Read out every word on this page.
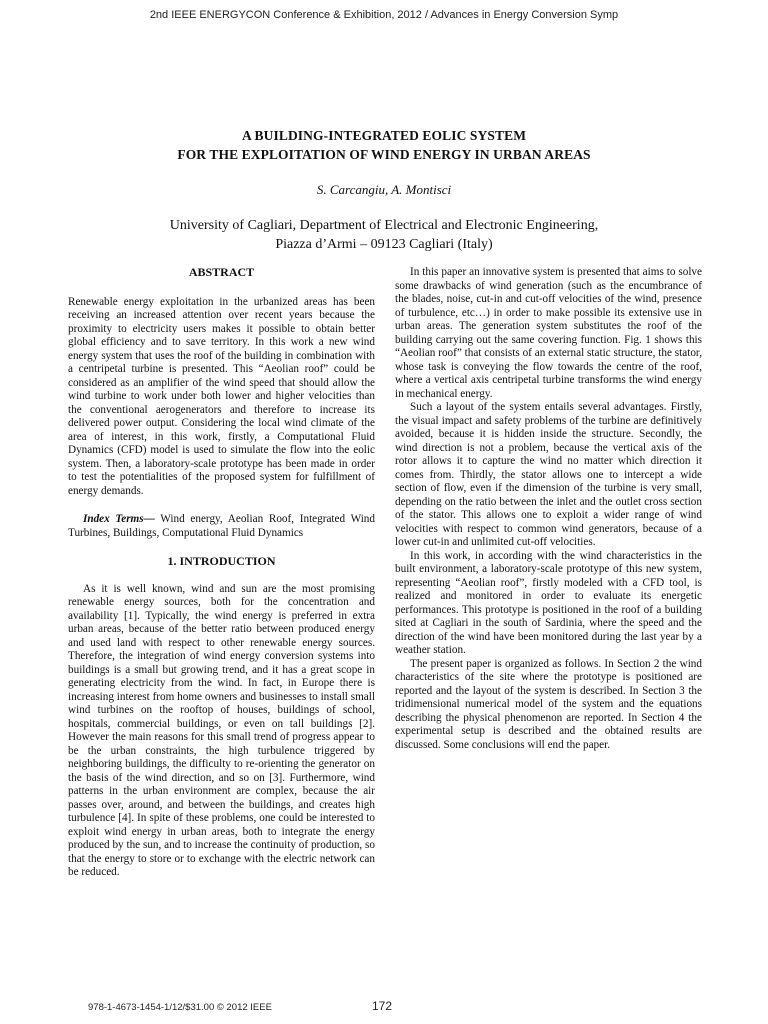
2nd IEEE ENERGYCON Conference & Exhibition, 2012 / Advances in Energy Conversion Symp
A BUILDING-INTEGRATED EOLIC SYSTEM
FOR THE EXPLOITATION OF WIND ENERGY IN URBAN AREAS
S. Carcangiu, A. Montisci
University of Cagliari, Department of Electrical and Electronic Engineering,
Piazza d’Armi – 09123 Cagliari (Italy)
ABSTRACT

Renewable energy exploitation in the urbanized areas has been receiving an increased attention over recent years because the proximity to electricity users makes it possible to obtain better global efficiency and to save territory. In this work a new wind energy system that uses the roof of the building in combination with a centripetal turbine is presented. This “Aeolian roof” could be considered as an amplifier of the wind speed that should allow the wind turbine to work under both lower and higher velocities than the conventional aerogenerators and therefore to increase its delivered power output. Considering the local wind climate of the area of interest, in this work, firstly, a Computational Fluid Dynamics (CFD) model is used to simulate the flow into the eolic system. Then, a laboratory-scale prototype has been made in order to test the potentialities of the proposed system for fulfillment of energy demands.

Index Terms— Wind energy, Aeolian Roof, Integrated Wind Turbines, Buildings, Computational Fluid Dynamics

1. INTRODUCTION

As it is well known, wind and sun are the most promising renewable energy sources, both for the concentration and availability [1]. Typically, the wind energy is preferred in extra urban areas, because of the better ratio between produced energy and used land with respect to other renewable energy sources. Therefore, the integration of wind energy conversion systems into buildings is a small but growing trend, and it has a great scope in generating electricity from the wind. In fact, in Europe there is increasing interest from home owners and businesses to install small wind turbines on the rooftop of houses, buildings of school, hospitals, commercial buildings, or even on tall buildings [2]. However the main reasons for this small trend of progress appear to be the urban constraints, the high turbulence triggered by neighboring buildings, the difficulty to re-orienting the generator on the basis of the wind direction, and so on [3]. Furthermore, wind patterns in the urban environment are complex, because the air passes over, around, and between the buildings, and creates high turbulence [4]. In spite of these problems, one could be interested to exploit wind energy in urban areas, both to integrate the energy produced by the sun, and to increase the continuity of production, so that the energy to store or to exchange with the electric network can be reduced.

In this paper an innovative system is presented that aims to solve some drawbacks of wind generation (such as the encumbrance of the blades, noise, cut-in and cut-off velocities of the wind, presence of turbulence, etc…) in order to make possible its extensive use in urban areas. The generation system substitutes the roof of the building carrying out the same covering function. Fig. 1 shows this “Aeolian roof” that consists of an external static structure, the stator, whose task is conveying the flow towards the centre of the roof, where a vertical axis centripetal turbine transforms the wind energy in mechanical energy.

Such a layout of the system entails several advantages. Firstly, the visual impact and safety problems of the turbine are definitively avoided, because it is hidden inside the structure. Secondly, the wind direction is not a problem, because the vertical axis of the rotor allows it to capture the wind no matter which direction it comes from. Thirdly, the stator allows one to intercept a wide section of flow, even if the dimension of the turbine is very small, depending on the ratio between the inlet and the outlet cross section of the stator. This allows one to exploit a wider range of wind velocities with respect to common wind generators, because of a lower cut-in and unlimited cut-off velocities.

In this work, in according with the wind characteristics in the built environment, a laboratory-scale prototype of this new system, representing “Aeolian roof”, firstly modeled with a CFD tool, is realized and monitored in order to evaluate its energetic performances. This prototype is positioned in the roof of a building sited at Cagliari in the south of Sardinia, where the speed and the direction of the wind have been monitored during the last year by a weather station.

The present paper is organized as follows. In Section 2 the wind characteristics of the site where the prototype is positioned are reported and the layout of the system is described. In Section 3 the tridimensional numerical model of the system and the equations describing the physical phenomenon are reported. In Section 4 the experimental setup is described and the obtained results are discussed. Some conclusions will end the paper.

978-1-4673-1454-1/12/$31.00 © 2012 IEEE	172
